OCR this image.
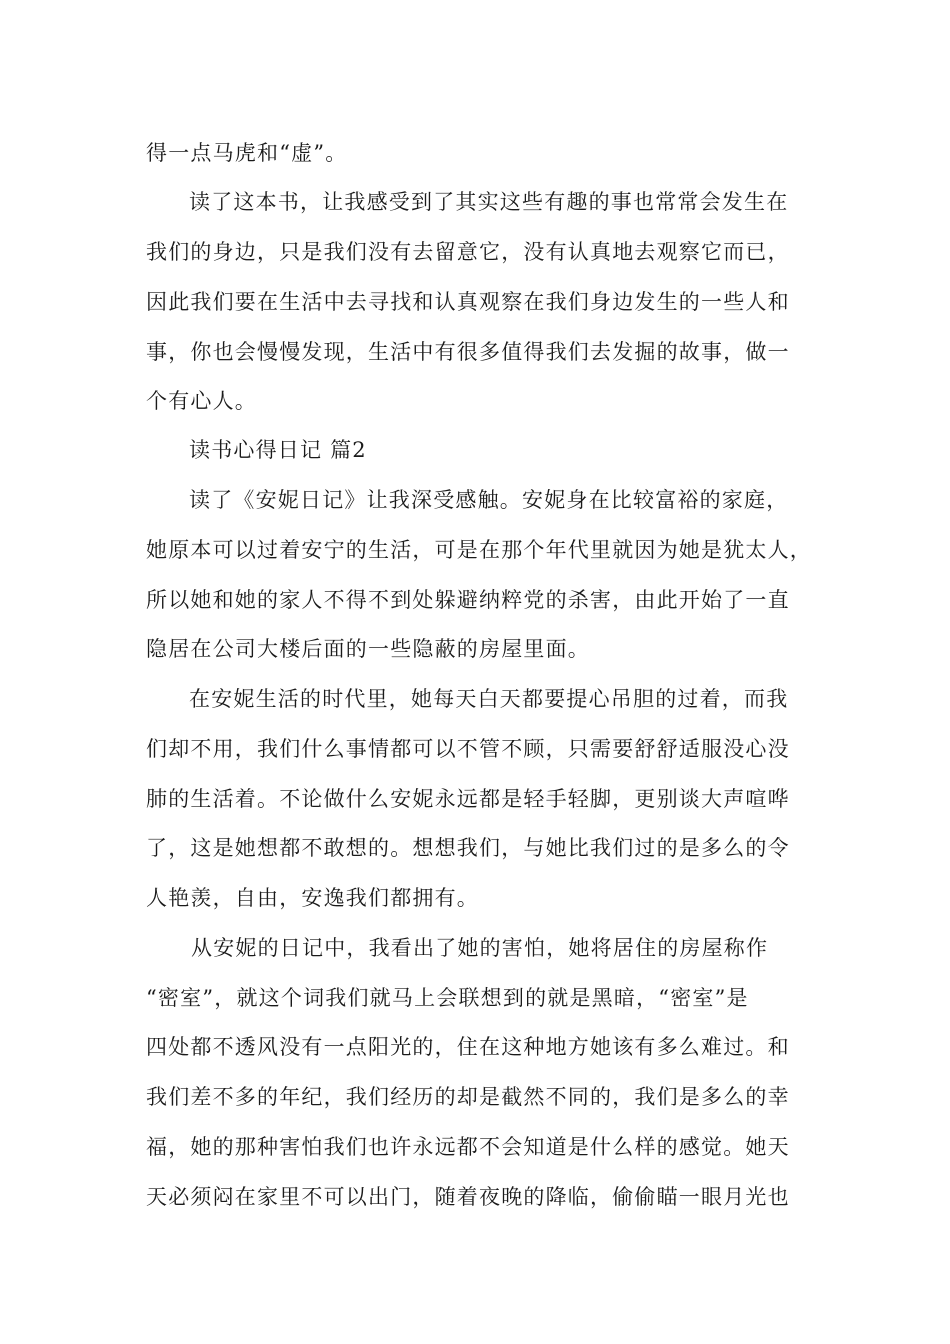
得一点马虎和“虚”。

读了这本书，让我感受到了其实这些有趣的事也常常会发生在

我们的身边，只是我们没有去留意它，没有认真地去观察它而已，

因此我们要在生活中去寻找和认真观察在我们身边发生的一些人和

事，你也会慢慢发现，生活中有很多值得我们去发掘的故事，做一

个有心人。

读书心得日记 篇2

读了《安妮日记》让我深受感触。安妮身在比较富裕的家庭，

她原本可以过着安宁的生活，可是在那个年代里就因为她是犹太人，

所以她和她的家人不得不到处躲避纳粹党的杀害，由此开始了一直

隐居在公司大楼后面的一些隐蔽的房屋里面。

在安妮生活的时代里，她每天白天都要提心吊胆的过着，而我

们却不用，我们什么事情都可以不管不顾，只需要舒舒适服没心没

肺的生活着。不论做什么安妮永远都是轻手轻脚，更别谈大声喧哗

了，这是她想都不敢想的。想想我们，与她比我们过的是多么的令

人艳羡，自由，安逸我们都拥有。

从安妮的日记中，我看出了她的害怕，她将居住的房屋称作

“密室”，就这个词我们就马上会联想到的就是黑暗，“密室”是

四处都不透风没有一点阳光的，住在这种地方她该有多么难过。和

我们差不多的年纪，我们经历的却是截然不同的，我们是多么的幸

福，她的那种害怕我们也许永远都不会知道是什么样的感觉。她天

天必须闷在家里不可以出门，随着夜晚的降临，偷偷瞄一眼月光也
